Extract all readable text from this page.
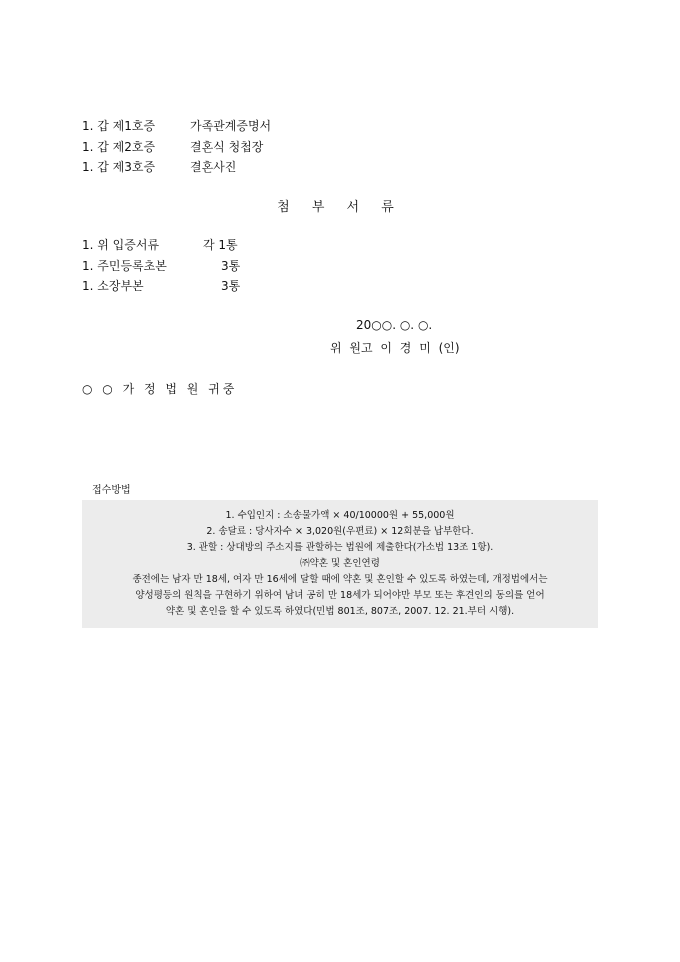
1. 갑 제1호증	가족관계증명서
1. 갑 제2호증	결혼식 청첩장
1. 갑 제3호증	결혼사진
첨 부 서 류
1. 위 입증서류	각 1통
1. 주민등록초본	3통
1. 소장부본	3통
20○○. ○. ○.
위 원고 이 경 미 (인)
○ ○ 가 정 법 원 귀중
접수방법
1. 수입인지 : 소송물가액 × 40/10000원 + 55,000원
2. 송달료 : 당사자수 × 3,020원(우편료) × 12회분을 납부한다.
3. 관할 : 상대방의 주소지를 관할하는 법원에 제출한다(가소법 13조 1항).
㈜약혼 및 혼인연령
종전에는 남자 만 18세, 여자 만 16세에 달할 때에 약혼 및 혼인할 수 있도록 하였는데, 개정법에서는
양성평등의 원칙을 구현하기 위하여 남녀 공히 만 18세가 되어야만 부모 또는 후견인의 동의를 얻어
약혼 및 혼인을 할 수 있도록 하였다(민법 801조, 807조, 2007. 12. 21.부터 시행).
